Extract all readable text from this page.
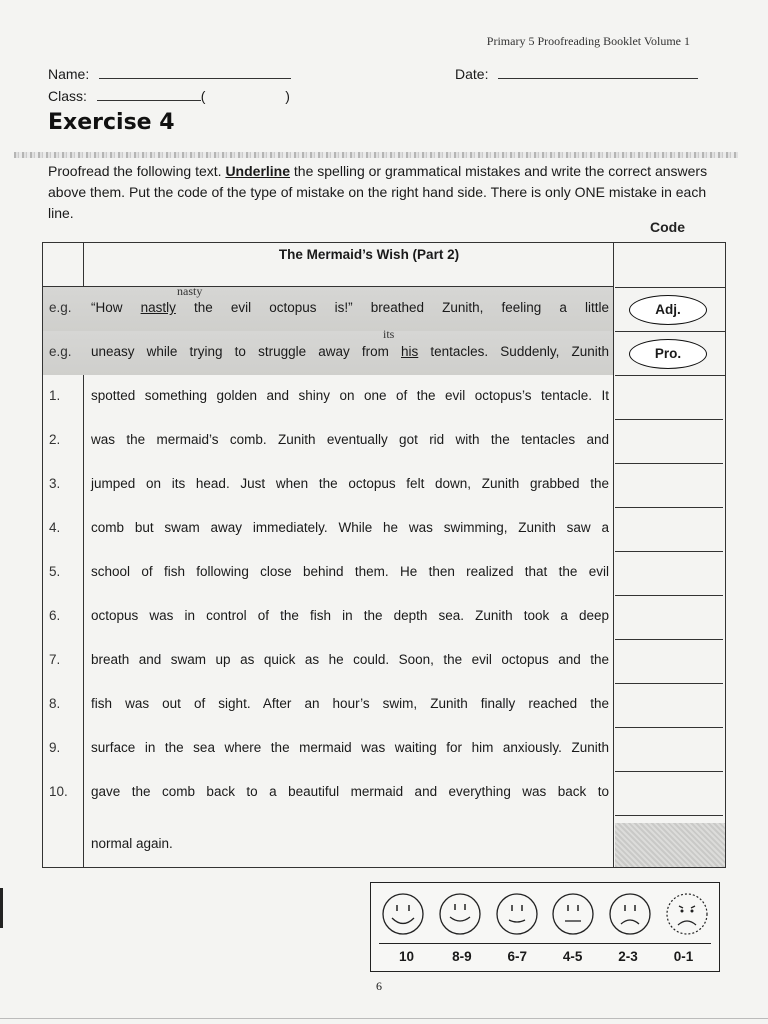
Primary 5 Proofreading Booklet Volume 1
Name:	Date:
Class:	(	)
Exercise 4
Proofread the following text. Underline the spelling or grammatical mistakes and write the correct answers above them. Put the code of the type of mistake on the right hand side. There is only ONE mistake in each line.
Code
The Mermaid’s Wish (Part 2)
e.g.
nasty
“How nastly the evil octopus is!” breathed Zunith, feeling a little	Adj.
e.g.
its
uneasy while trying to struggle away from his tentacles. Suddenly, Zunith	Pro.
1. spotted something golden and shiny on one of the evil octopus’s tentacle. It
2. was the mermaid’s comb. Zunith eventually got rid with the tentacles and
3. jumped on its head. Just when the octopus felt down, Zunith grabbed the
4. comb but swam away immediately. While he was swimming, Zunith saw a
5. school of fish following close behind them. He then realized that the evil
6. octopus was in control of the fish in the depth sea. Zunith took a deep
7. breath and swam up as quick as he could. Soon, the evil octopus and the
8. fish was out of sight. After an hour’s swim, Zunith finally reached the
9. surface in the sea where the mermaid was waiting for him anxiously. Zunith
10. gave the comb back to a beautiful mermaid and everything was back to
normal again.
10	8-9	6-7	4-5	2-3	0-1
6
